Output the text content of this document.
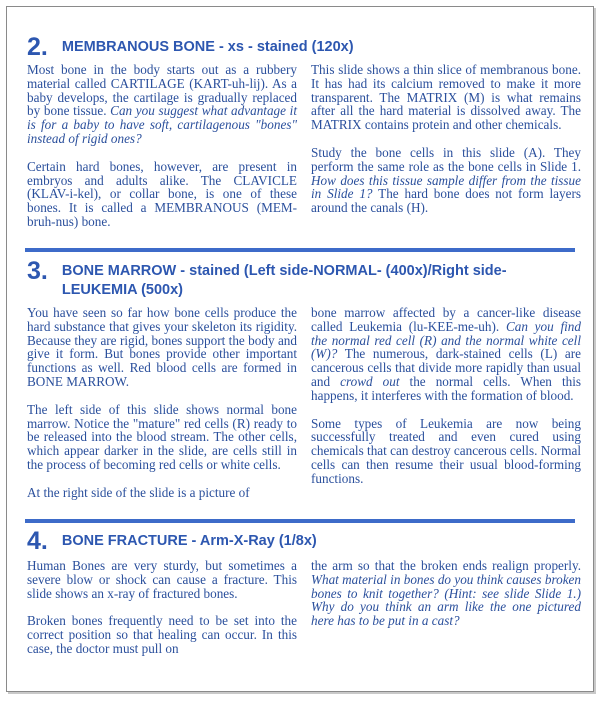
2. MEMBRANOUS BONE - xs - stained (120x)

Most bone in the body starts out as a rubbery material called CARTILAGE (KART-uh-lij). As a baby develops, the cartilage is gradually replaced by bone tissue. Can you suggest what advantage it is for a baby to have soft, cartilagenous "bones" instead of rigid ones?

Certain hard bones, however, are present in embryos and adults alike. The CLAVICLE (KLAV-i-kel), or collar bone, is one of these bones. It is called a MEMBRANOUS (MEM-bruh-nus) bone.

This slide shows a thin slice of membranous bone. It has had its calcium removed to make it more transparent. The MATRIX (M) is what remains after all the hard material is dissolved away. The MATRIX contains protein and other chemicals.

Study the bone cells in this slide (A). They perform the same role as the bone cells in Slide 1. How does this tissue sample differ from the tissue in Slide 1? The hard bone does not form layers around the canals (H).

3. BONE MARROW - stained (Left side-NORMAL- (400x)/Right side-
LEUKEMIA (500x)

You have seen so far how bone cells produce the hard substance that gives your skeleton its rigidity. Because they are rigid, bones support the body and give it form. But bones provide other important functions as well. Red blood cells are formed in BONE MARROW.

The left side of this slide shows normal bone marrow. Notice the "mature" red cells (R) ready to be released into the blood stream. The other cells, which appear darker in the slide, are cells still in the process of becoming red cells or white cells.

At the right side of the slide is a picture of

bone marrow affected by a cancer-like disease called Leukemia (lu-KEE-me-uh). Can you find the normal red cell (R) and the normal white cell (W)? The numerous, dark-stained cells (L) are cancerous cells that divide more rapidly than usual and crowd out the normal cells. When this happens, it interferes with the formation of blood.

Some types of Leukemia are now being successfully treated and even cured using chemicals that can destroy cancerous cells. Normal cells can then resume their usual blood-forming functions.

4. BONE FRACTURE - Arm-X-Ray (1/8x)

Human Bones are very sturdy, but sometimes a severe blow or shock can cause a fracture. This slide shows an x-ray of fractured bones.

Broken bones frequently need to be set into the correct position so that healing can occur. In this case, the doctor must pull on

the arm so that the broken ends realign properly. What material in bones do you think causes broken bones to knit together? (Hint: see slide Slide 1.) Why do you think an arm like the one pictured here has to be put in a cast?
